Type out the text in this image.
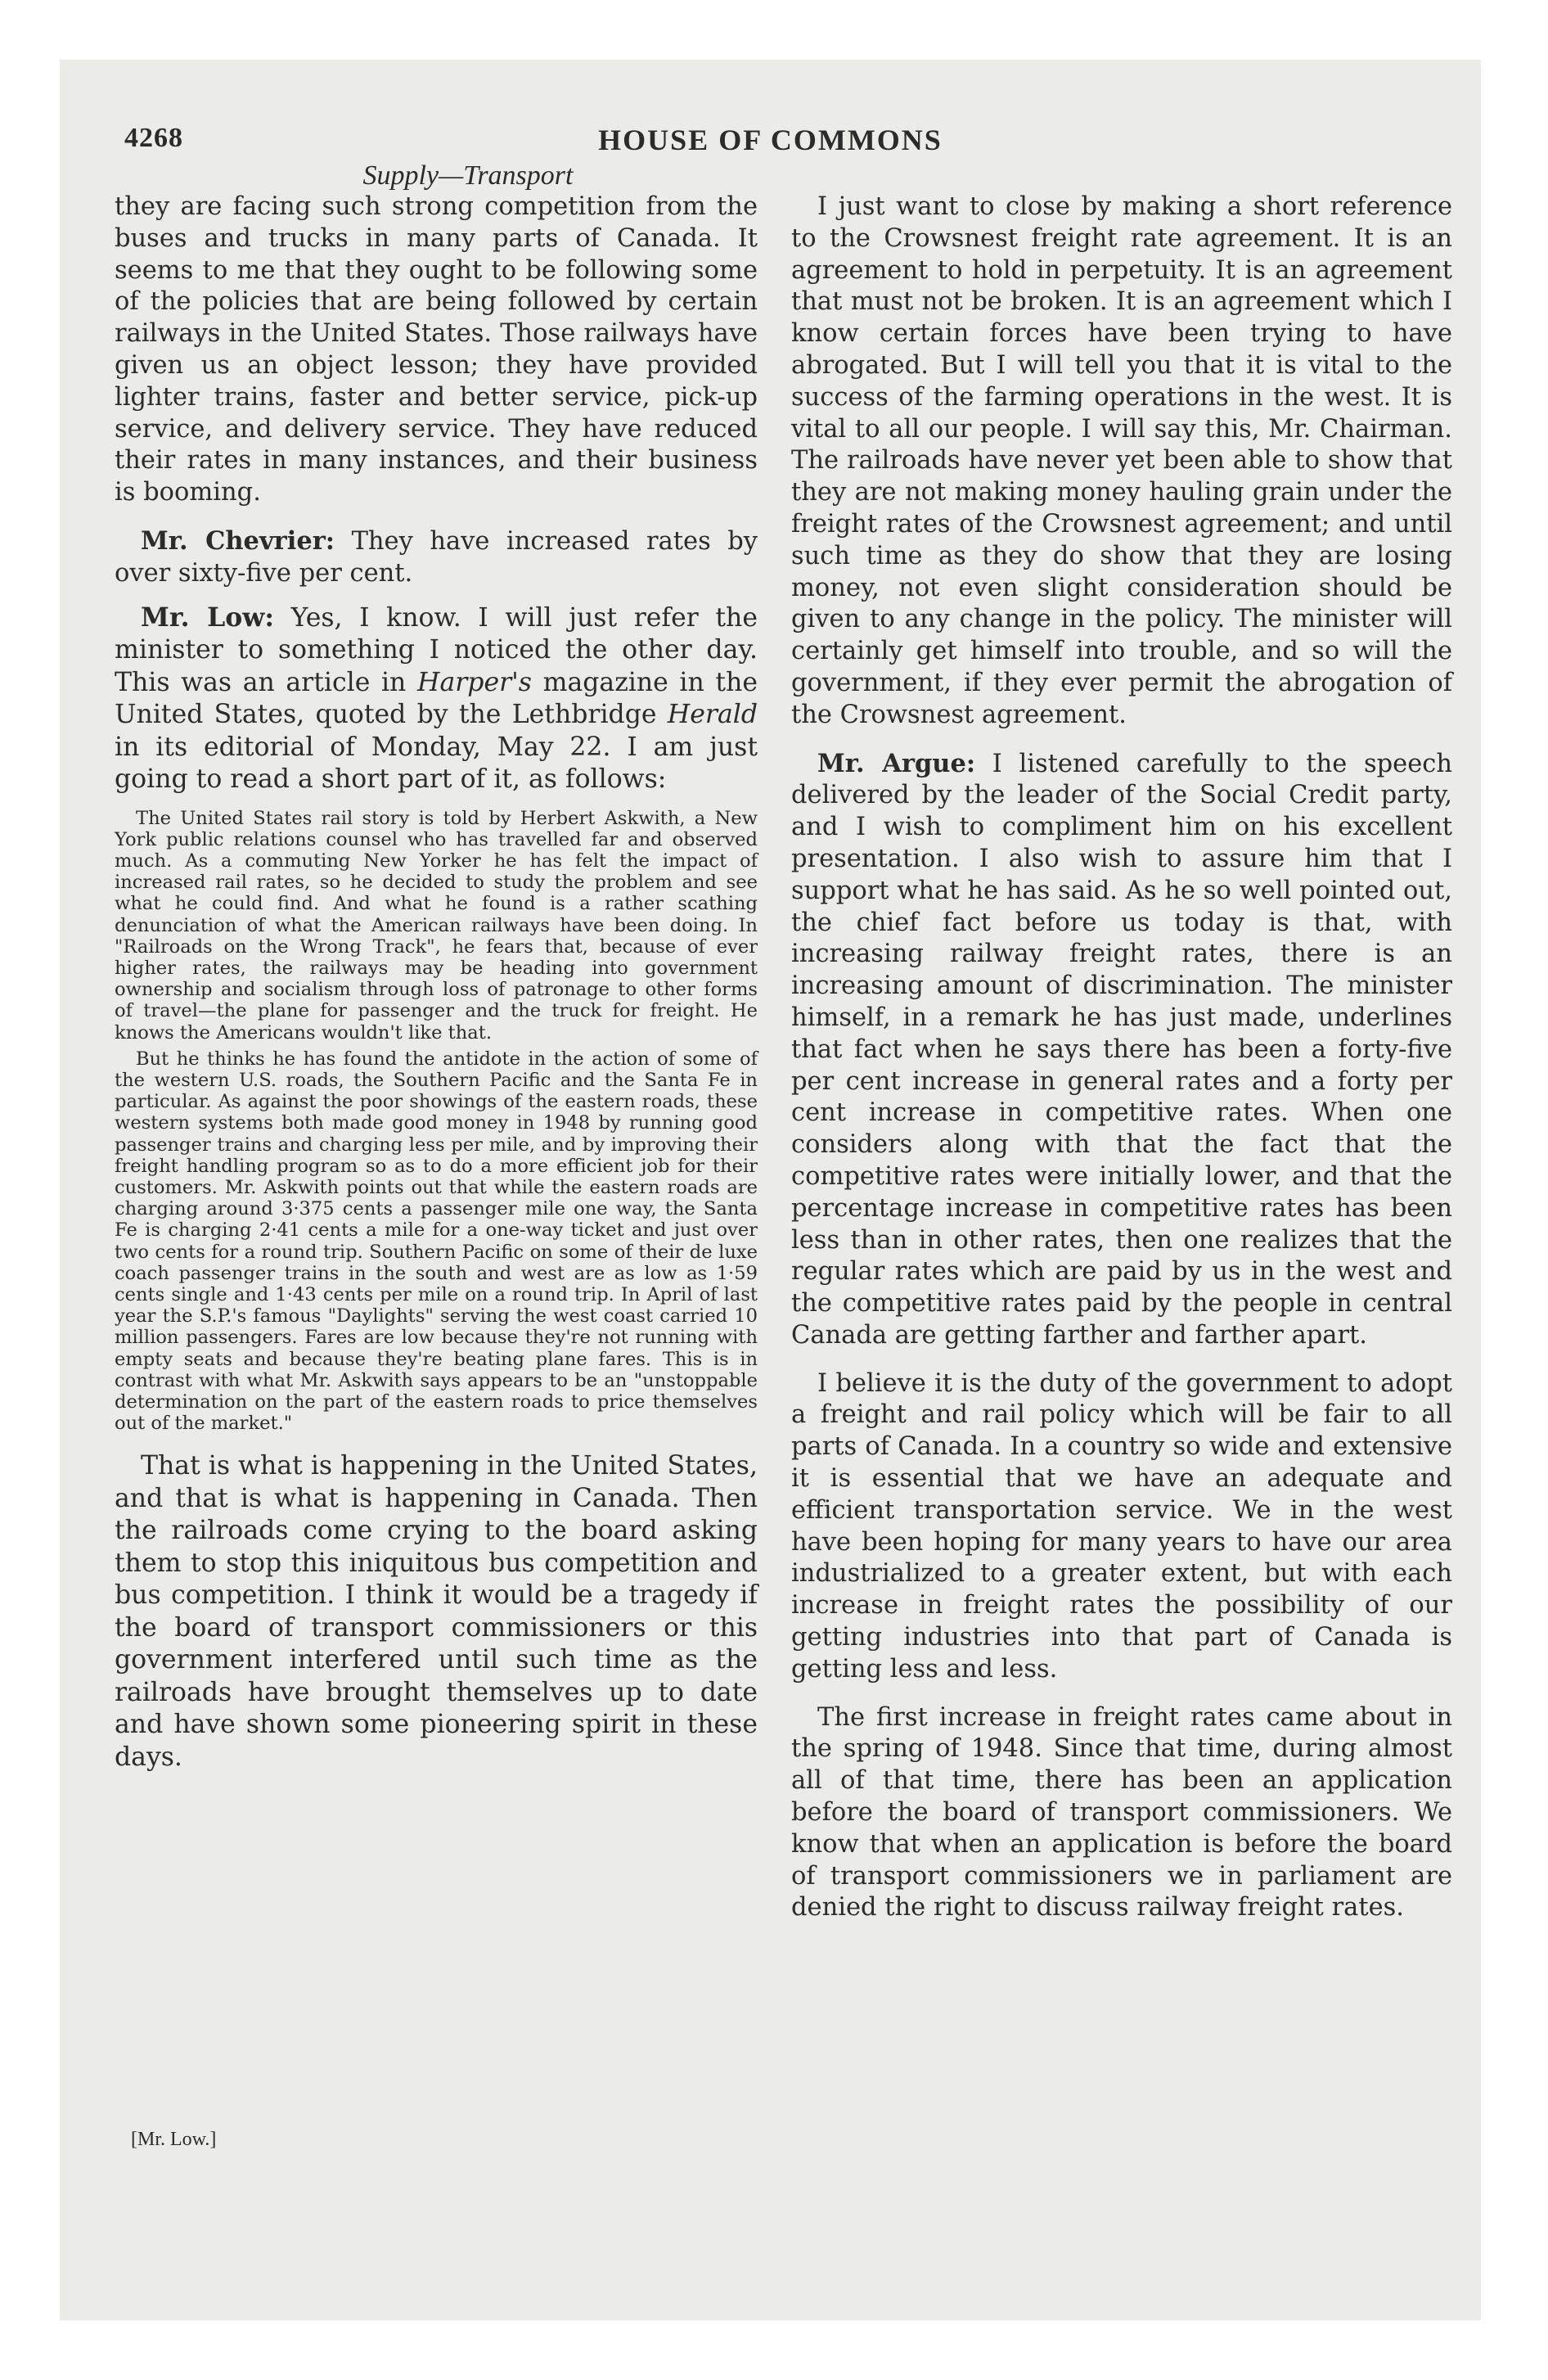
4268	HOUSE OF COMMONS
Supply—Transport

they are facing such strong competition from the buses and trucks in many parts of Canada. It seems to me that they ought to be following some of the policies that are being followed by certain railways in the United States. Those railways have given us an object lesson; they have provided lighter trains, faster and better service, pick-up service, and delivery service. They have reduced their rates in many instances, and their business is booming.

Mr. Chevrier: They have increased rates by over sixty-five per cent.

Mr. Low: Yes, I know. I will just refer the minister to something I noticed the other day. This was an article in Harper's magazine in the United States, quoted by the Lethbridge Herald in its editorial of Monday, May 22. I am just going to read a short part of it, as follows:

The United States rail story is told by Herbert Askwith, a New York public relations counsel who has travelled far and observed much. As a commuting New Yorker he has felt the impact of increased rail rates, so he decided to study the problem and see what he could find. And what he found is a rather scathing denunciation of what the American railways have been doing. In "Railroads on the Wrong Track", he fears that, because of ever higher rates, the railways may be heading into government ownership and socialism through loss of patronage to other forms of travel—the plane for passenger and the truck for freight. He knows the Americans wouldn't like that.

But he thinks he has found the antidote in the action of some of the western U.S. roads, the Southern Pacific and the Santa Fe in particular. As against the poor showings of the eastern roads, these western systems both made good money in 1948 by running good passenger trains and charging less per mile, and by improving their freight handling program so as to do a more efficient job for their customers. Mr. Askwith points out that while the eastern roads are charging around 3·375 cents a passenger mile one way, the Santa Fe is charging 2·41 cents a mile for a one-way ticket and just over two cents for a round trip. Southern Pacific on some of their de luxe coach passenger trains in the south and west are as low as 1·59 cents single and 1·43 cents per mile on a round trip. In April of last year the S.P.'s famous "Daylights" serving the west coast carried 10 million passengers. Fares are low because they're not running with empty seats and because they're beating plane fares. This is in contrast with what Mr. Askwith says appears to be an "unstoppable determination on the part of the eastern roads to price themselves out of the market."

That is what is happening in the United States, and that is what is happening in Canada. Then the railroads come crying to the board asking them to stop this iniquitous bus competition and bus competition. I think it would be a tragedy if the board of transport commissioners or this government interfered until such time as the railroads have brought themselves up to date and have shown some pioneering spirit in these days.

[Mr. Low.]

I just want to close by making a short reference to the Crowsnest freight rate agreement. It is an agreement to hold in perpetuity. It is an agreement that must not be broken. It is an agreement which I know certain forces have been trying to have abrogated. But I will tell you that it is vital to the success of the farming operations in the west. It is vital to all our people. I will say this, Mr. Chairman. The railroads have never yet been able to show that they are not making money hauling grain under the freight rates of the Crowsnest agreement; and until such time as they do show that they are losing money, not even slight consideration should be given to any change in the policy. The minister will certainly get himself into trouble, and so will the government, if they ever permit the abrogation of the Crowsnest agreement.

Mr. Argue: I listened carefully to the speech delivered by the leader of the Social Credit party, and I wish to compliment him on his excellent presentation. I also wish to assure him that I support what he has said. As he so well pointed out, the chief fact before us today is that, with increasing railway freight rates, there is an increasing amount of discrimination. The minister himself, in a remark he has just made, underlines that fact when he says there has been a forty-five per cent increase in general rates and a forty per cent increase in competitive rates. When one considers along with that the fact that the competitive rates were initially lower, and that the percentage increase in competitive rates has been less than in other rates, then one realizes that the regular rates which are paid by us in the west and the competitive rates paid by the people in central Canada are getting farther and farther apart.

I believe it is the duty of the government to adopt a freight and rail policy which will be fair to all parts of Canada. In a country so wide and extensive it is essential that we have an adequate and efficient transportation service. We in the west have been hoping for many years to have our area industrialized to a greater extent, but with each increase in freight rates the possibility of our getting industries into that part of Canada is getting less and less.

The first increase in freight rates came about in the spring of 1948. Since that time, during almost all of that time, there has been an application before the board of transport commissioners. We know that when an application is before the board of transport commissioners we in parliament are denied the right to discuss railway freight rates.
